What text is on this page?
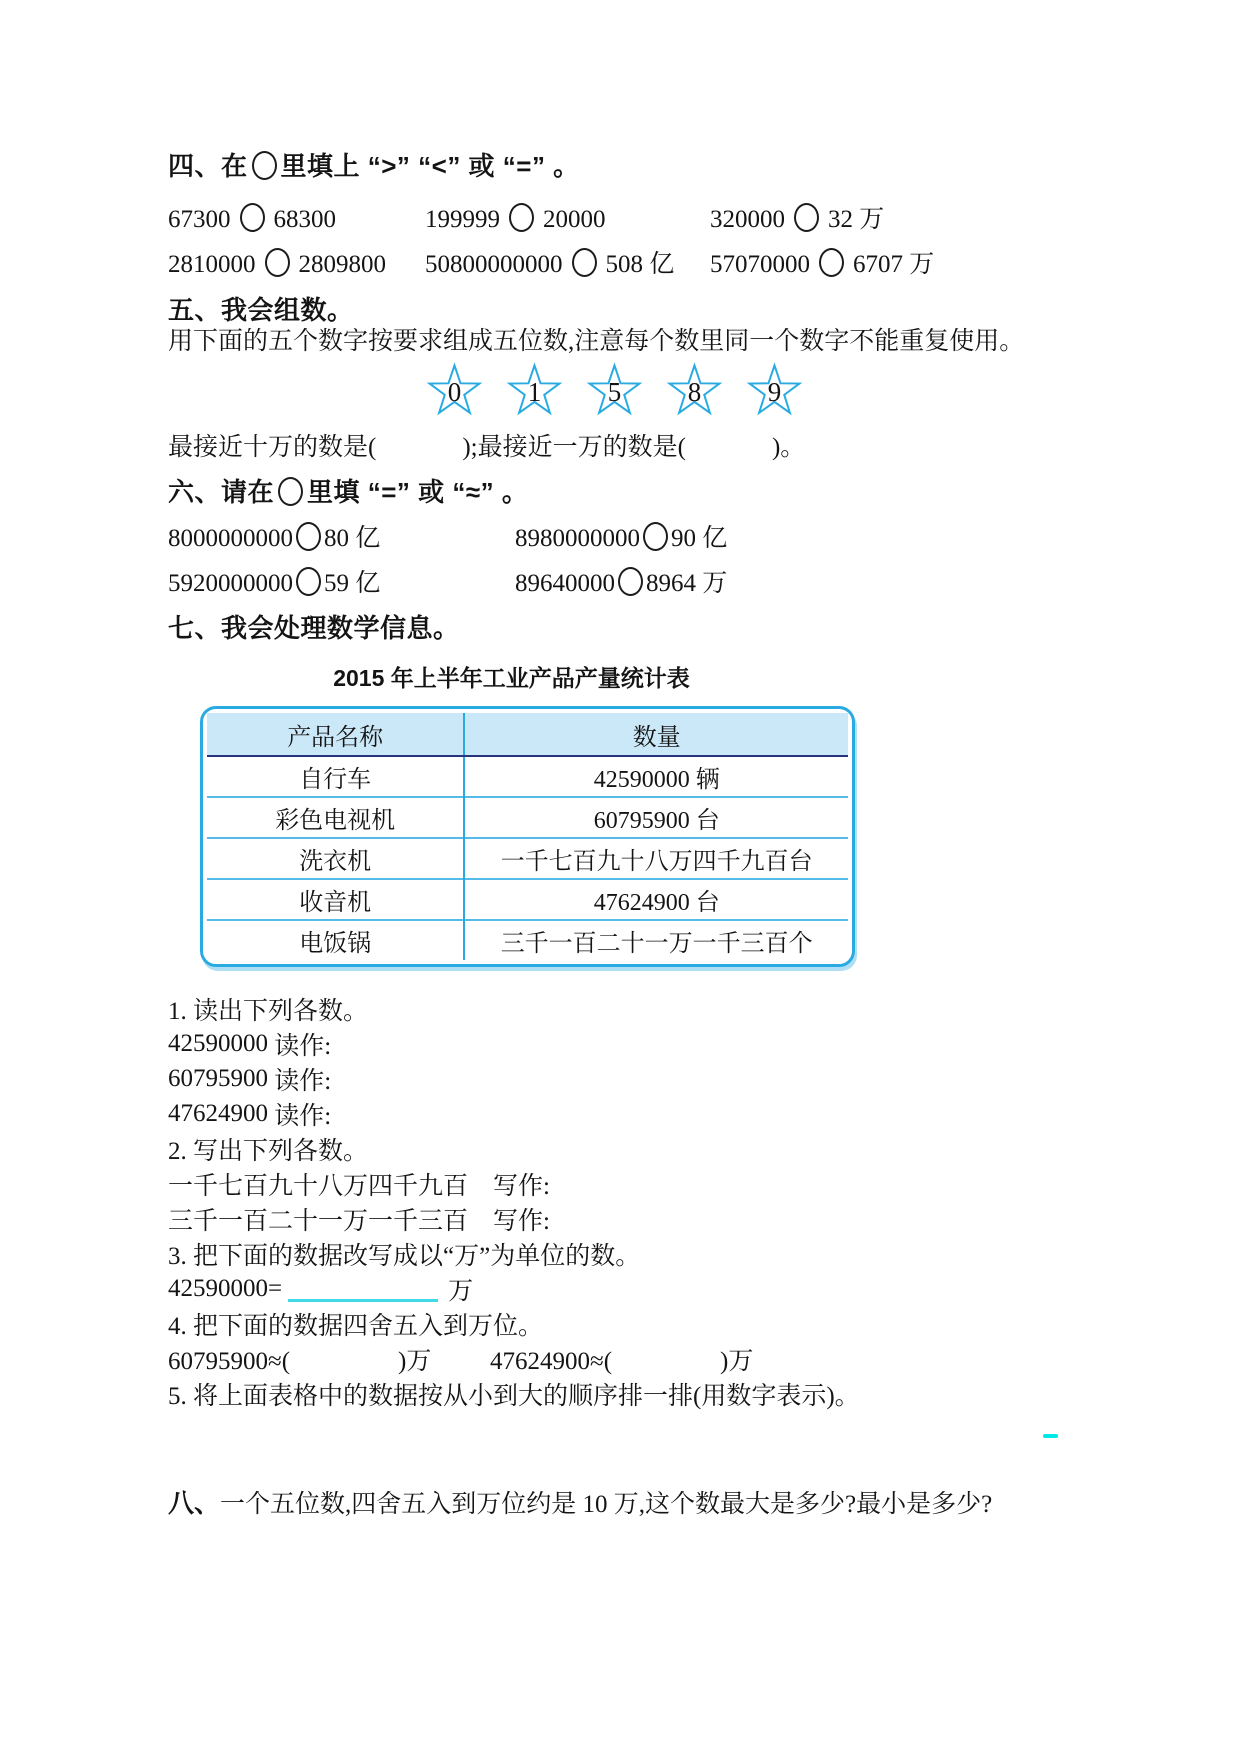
四、在 里填上 “>” “<” 或 “=” 。
67300 68300	199999 20000	320000 32 万
2810000 2809800	50800000000 508 亿	57070000 6707 万
五、我会组数。
用下面的五个数字按要求组成五位数,注意每个数里同一个数字不能重复使用。
0	1	5	8	9
最接近十万的数是(	);最接近一万的数是(	)。
六、请在 里填 “=” 或 “≈” 。
8000000000 80 亿	8980000000 90 亿
5920000000 59 亿	89640000 8964 万
七、我会处理数学信息。
2015 年上半年工业产品产量统计表
产品名称	数量
自行车	42590000 辆
彩色电视机	60795900 台
洗衣机	一千七百九十八万四千九百台
收音机	47624900 台
电饭锅	三千一百二十一万一千三百个
1. 读出下列各数。
42590000 读作:
60795900 读作:
47624900 读作:
2. 写出下列各数。
一千七百九十八万四千九百 　写作:
三千一百二十一万一千三百 　写作:
3. 把下面的数据改写成以“万”为单位的数。
42590000=	万
4. 把下面的数据四舍五入到万位。
60795900≈(	)万	47624900≈(	)万
5. 将上面表格中的数据按从小到大的顺序排一排(用数字表示)。
八、一个五位数,四舍五入到万位约是 10 万,这个数最大是多少?最小是多少?
